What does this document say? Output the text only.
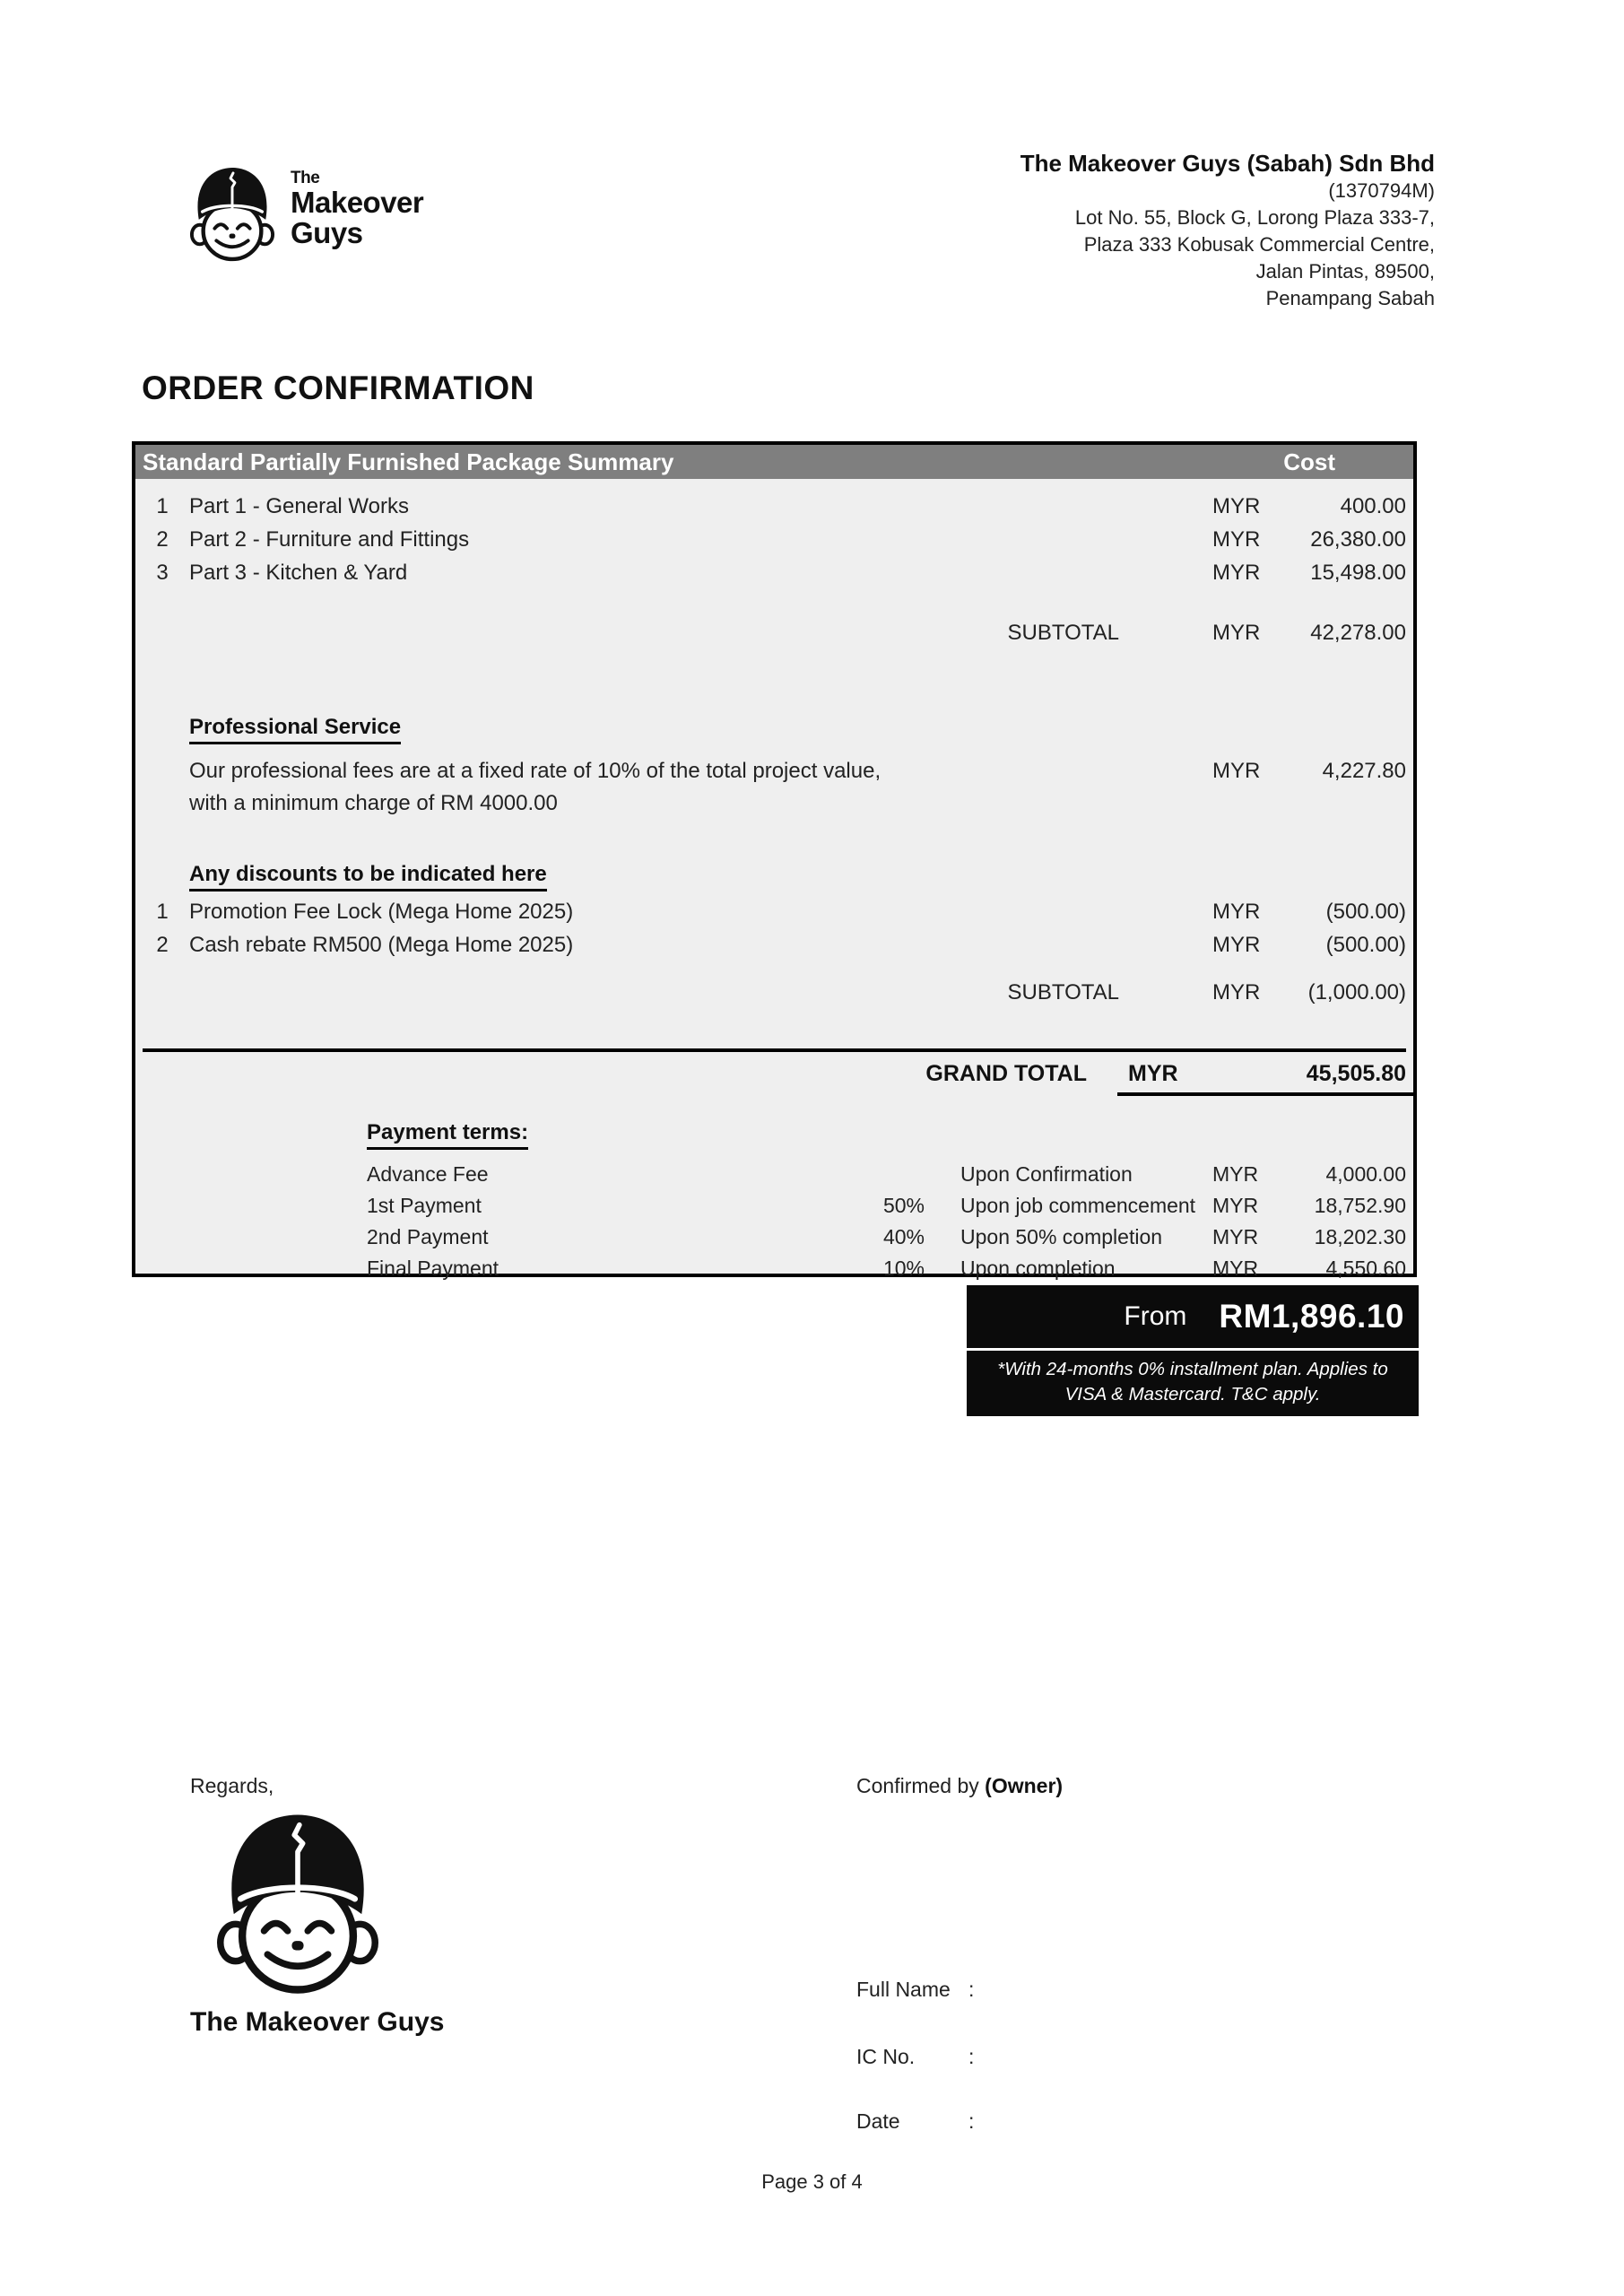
The
Makeover
Guys
The Makeover Guys (Sabah) Sdn Bhd
(1370794M)
Lot No. 55, Block G, Lorong Plaza 333-7,
Plaza 333 Kobusak Commercial Centre,
Jalan Pintas, 89500,
Penampang Sabah
ORDER CONFIRMATION
Standard Partially Furnished Package Summary	Cost
1 Part 1 - General Works	MYR	400.00
2 Part 2 - Furniture and Fittings	MYR	26,380.00
3 Part 3 - Kitchen & Yard	MYR	15,498.00
SUBTOTAL	MYR	42,278.00
Professional Service
Our professional fees are at a fixed rate of 10% of the total project value, with a minimum charge of RM 4000.00
MYR	4,227.80
Any discounts to be indicated here
1 Promotion Fee Lock (Mega Home 2025)	MYR	(500.00)
2 Cash rebate RM500 (Mega Home 2025)	MYR	(500.00)
SUBTOTAL	MYR	(1,000.00)
GRAND TOTAL MYR	45,505.80
Payment terms:
Advance Fee	Upon Confirmation	MYR	4,000.00
1st Payment	50% Upon job commencement MYR	18,752.90
2nd Payment	40% Upon 50% completion	MYR	18,202.30
Final Payment	10% Upon completion	MYR	4,550.60
From RM1,896.10
*With 24-months 0% installment plan. Applies to
VISA & Mastercard. T&C apply.
Regards,
The Makeover Guys
Confirmed by (Owner)
Full Name :
IC No.	:
Date	:
Page 3 of 4
